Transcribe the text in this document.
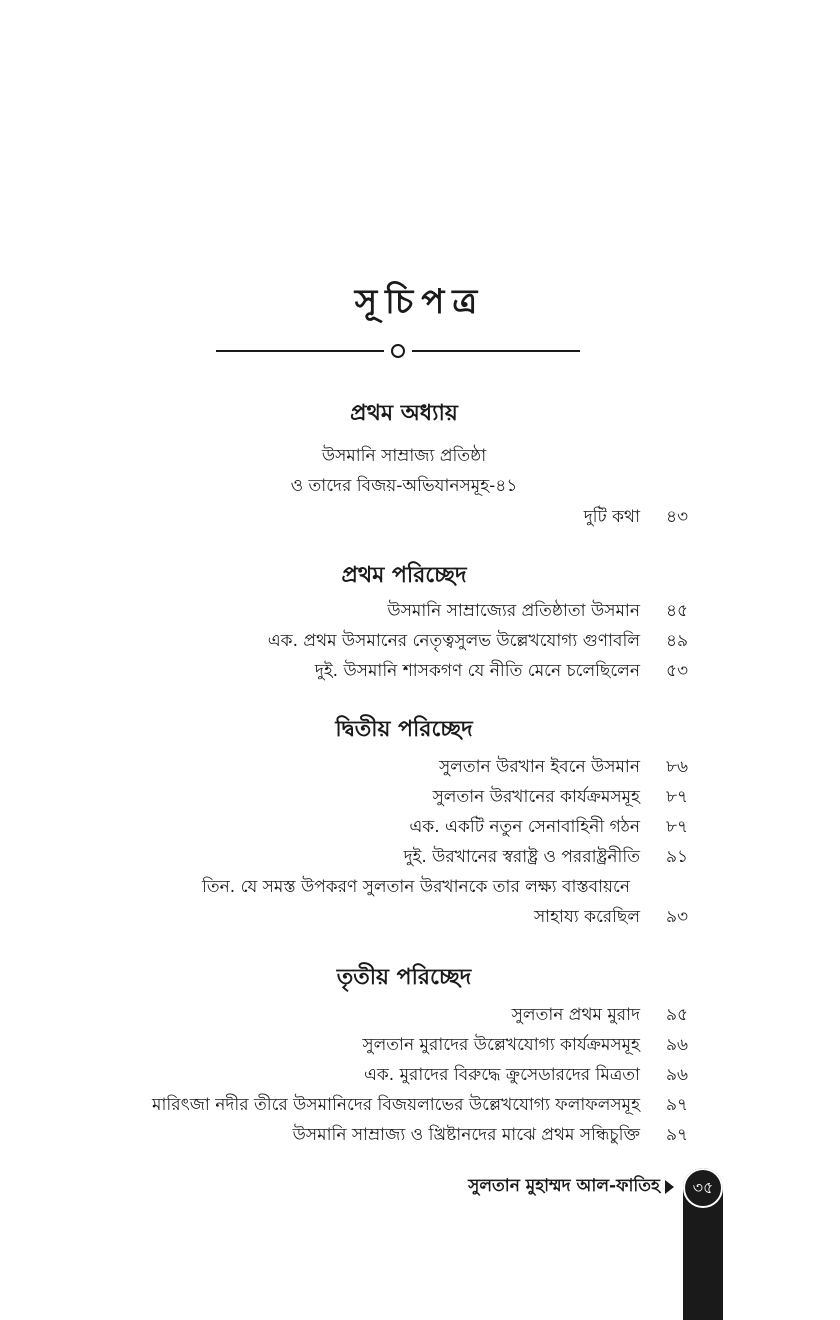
সূচিপত্র
প্রথম অধ্যায়
উসমানি সাম্রাজ্য প্রতিষ্ঠা
ও তাদের বিজয়-অভিযানসমূহ-৪১
দুটি কথা ৪৩
প্রথম পরিচ্ছেদ
উসমানি সাম্রাজ্যের প্রতিষ্ঠাতা উসমান ৪৫
এক. প্রথম উসমানের নেতৃত্বসুলভ উল্লেখযোগ্য গুণাবলি ৪৯
দুই. উসমানি শাসকগণ যে নীতি মেনে চলেছিলেন ৫৩
দ্বিতীয় পরিচ্ছেদ
সুলতান উরখান ইবনে উসমান ৮৬
সুলতান উরখানের কার্যক্রমসমূহ ৮৭
এক. একটি নতুন সেনাবাহিনী গঠন ৮৭
দুই. উরখানের স্বরাষ্ট্র ও পররাষ্ট্রনীতি ৯১
তিন. যে সমস্ত উপকরণ সুলতান উরখানকে তার লক্ষ্য বাস্তবায়নে
সাহায্য করেছিল ৯৩
তৃতীয় পরিচ্ছেদ
সুলতান প্রথম মুরাদ ৯৫
সুলতান মুরাদের উল্লেখযোগ্য কার্যক্রমসমূহ ৯৬
এক. মুরাদের বিরুদ্ধে ক্রুসেডারদের মিত্রতা ৯৬
মারিৎজা নদীর তীরে উসমানিদের বিজয়লাভের উল্লেখযোগ্য ফলাফলসমূহ ৯৭
উসমানি সাম্রাজ্য ও খ্রিষ্টানদের মাঝে প্রথম সন্ধিচুক্তি ৯৭
সুলতান মুহাম্মদ আল-ফাতিহ	৩৫
